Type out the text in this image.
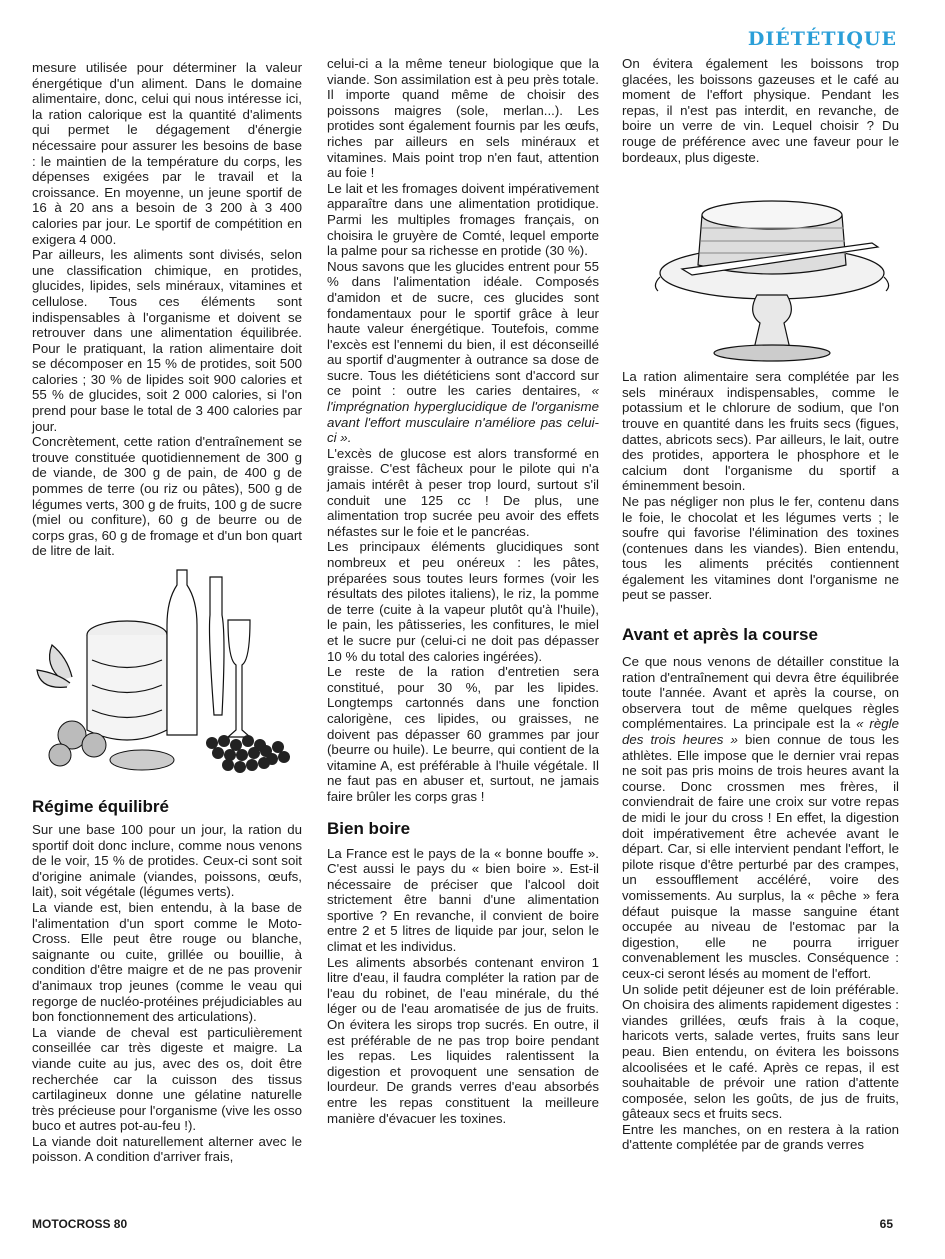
DIÉTÉTIQUE

mesure utilisée pour déterminer la valeur énergétique d'un aliment. Dans le domaine alimentaire, donc, celui qui nous intéresse ici, la ration calorique est la quantité d'aliments qui permet le dégagement d'énergie nécessaire pour assurer les besoins de base : le maintien de la température du corps, les dépenses exigées par le travail et la croissance. En moyenne, un jeune sportif de 16 à 20 ans a besoin de 3 200 à 3 400 calories par jour. Le sportif de compétition en exigera 4 000.

Par ailleurs, les aliments sont divisés, selon une classification chimique, en protides, glucides, lipides, sels minéraux, vitamines et cellulose. Tous ces éléments sont indispensables à l'organisme et doivent se retrouver dans une alimentation équilibrée. Pour le pratiquant, la ration alimentaire doit se décomposer en 15 % de protides, soit 500 calories ; 30 % de lipides soit 900 calories et 55 % de glucides, soit 2 000 calories, si l'on prend pour base le total de 3 400 calories par jour.

Concrètement, cette ration d'entraînement se trouve constituée quotidiennement de 300 g de viande, de 300 g de pain, de 400 g de pommes de terre (ou riz ou pâtes), 500 g de légumes verts, 300 g de fruits, 100 g de sucre (miel ou confiture), 60 g de beurre ou de corps gras, 60 g de fromage et d'un bon quart de litre de lait.

Régime équilibré

Sur une base 100 pour un jour, la ration du sportif doit donc inclure, comme nous venons de le voir, 15 % de protides. Ceux-ci sont soit d'origine animale (viandes, poissons, œufs, lait), soit végétale (légumes verts).

La viande est, bien entendu, à la base de l'alimentation d'un sport comme le Moto-Cross. Elle peut être rouge ou blanche, saignante ou cuite, grillée ou bouillie, à condition d'être maigre et de ne pas provenir d'animaux trop jeunes (comme le veau qui regorge de nucléo-protéines préjudiciables au bon fonctionnement des articulations).

La viande de cheval est particulièrement conseillée car très digeste et maigre. La viande cuite au jus, avec des os, doit être recherchée car la cuisson des tissus cartilagineux donne une gélatine naturelle très précieuse pour l'organisme (vive les osso buco et autres pot-au-feu !).

La viande doit naturellement alterner avec le poisson. A condition d'arriver frais,

celui-ci a la même teneur biologique que la viande. Son assimilation est à peu près totale. Il importe quand même de choisir des poissons maigres (sole, merlan...). Les protides sont également fournis par les œufs, riches par ailleurs en sels minéraux et vitamines. Mais point trop n'en faut, attention au foie !

Le lait et les fromages doivent impérativement apparaître dans une alimentation protidique. Parmi les multiples fromages français, on choisira le gruyère de Comté, lequel emporte la palme pour sa richesse en protide (30 %).

Nous savons que les glucides entrent pour 55 % dans l'alimentation idéale. Composés d'amidon et de sucre, ces glucides sont fondamentaux pour le sportif grâce à leur haute valeur énergétique. Toutefois, comme l'excès est l'ennemi du bien, il est déconseillé au sportif d'augmenter à outrance sa dose de sucre. Tous les diététiciens sont d'accord sur ce point : outre les caries dentaires, « l'imprégnation hyperglucidique de l'organisme avant l'effort musculaire n'améliore pas celui-ci ».

L'excès de glucose est alors transformé en graisse. C'est fâcheux pour le pilote qui n'a jamais intérêt à peser trop lourd, surtout s'il conduit une 125 cc ! De plus, une alimentation trop sucrée peu avoir des effets néfastes sur le foie et le pancréas.

Les principaux éléments glucidiques sont nombreux et peu onéreux : les pâtes, préparées sous toutes leurs formes (voir les résultats des pilotes italiens), le riz, la pomme de terre (cuite à la vapeur plutôt qu'à l'huile), le pain, les pâtisseries, les confitures, le miel et le sucre pur (celui-ci ne doit pas dépasser 10 % du total des calories ingérées).

Le reste de la ration d'entretien sera constitué, pour 30 %, par les lipides. Longtemps cartonnés dans une fonction calorigène, ces lipides, ou graisses, ne doivent pas dépasser 60 grammes par jour (beurre ou huile). Le beurre, qui contient de la vitamine A, est préférable à l'huile végétale. Il ne faut pas en abuser et, surtout, ne jamais faire brûler les corps gras !

Bien boire

La France est le pays de la « bonne bouffe ». C'est aussi le pays du « bien boire ». Est-il nécessaire de préciser que l'alcool doit strictement être banni d'une alimentation sportive ? En revanche, il convient de boire entre 2 et 5 litres de liquide par jour, selon le climat et les individus.

Les aliments absorbés contenant environ 1 litre d'eau, il faudra compléter la ration par de l'eau du robinet, de l'eau minérale, du thé léger ou de l'eau aromatisée de jus de fruits. On évitera les sirops trop sucrés. En outre, il est préférable de ne pas trop boire pendant les repas. Les liquides ralentissent la digestion et provoquent une sensation de lourdeur. De grands verres d'eau absorbés entre les repas constituent la meilleure manière d'évacuer les toxines.

On évitera également les boissons trop glacées, les boissons gazeuses et le café au moment de l'effort physique. Pendant les repas, il n'est pas interdit, en revanche, de boire un verre de vin. Lequel choisir ? Du rouge de préférence avec une faveur pour le bordeaux, plus digeste.

La ration alimentaire sera complétée par les sels minéraux indispensables, comme le potassium et le chlorure de sodium, que l'on trouve en quantité dans les fruits secs (figues, dattes, abricots secs). Par ailleurs, le lait, outre des protides, apportera le phosphore et le calcium dont l'organisme du sportif a éminemment besoin.

Ne pas négliger non plus le fer, contenu dans le foie, le chocolat et les légumes verts ; le soufre qui favorise l'élimination des toxines (contenues dans les viandes). Bien entendu, tous les aliments précités contiennent également les vitamines dont l'organisme ne peut se passer.

Avant et après la course

Ce que nous venons de détailler constitue la ration d'entraînement qui devra être équilibrée toute l'année. Avant et après la course, on observera tout de même quelques règles complémentaires. La principale est la « règle des trois heures » bien connue de tous les athlètes. Elle impose que le dernier vrai repas ne soit pas pris moins de trois heures avant la course. Donc crossmen mes frères, il conviendrait de faire une croix sur votre repas de midi le jour du cross ! En effet, la digestion doit impérativement être achevée avant le départ. Car, si elle intervient pendant l'effort, le pilote risque d'être perturbé par des crampes, un essoufflement accéléré, voire des vomissements. Au surplus, la « pêche » fera défaut puisque la masse sanguine étant occupée au niveau de l'estomac par la digestion, elle ne pourra irriguer convenablement les muscles. Conséquence : ceux-ci seront lésés au moment de l'effort.

Un solide petit déjeuner est de loin préférable. On choisira des aliments rapidement digestes : viandes grillées, œufs frais à la coque, haricots verts, salade vertes, fruits sans leur peau. Bien entendu, on évitera les boissons alcoolisées et le café. Après ce repas, il est souhaitable de prévoir une ration d'attente composée, selon les goûts, de jus de fruits, gâteaux secs et fruits secs.

Entre les manches, on en restera à la ration d'attente complétée par de grands verres

MOTOCROSS 80	65
